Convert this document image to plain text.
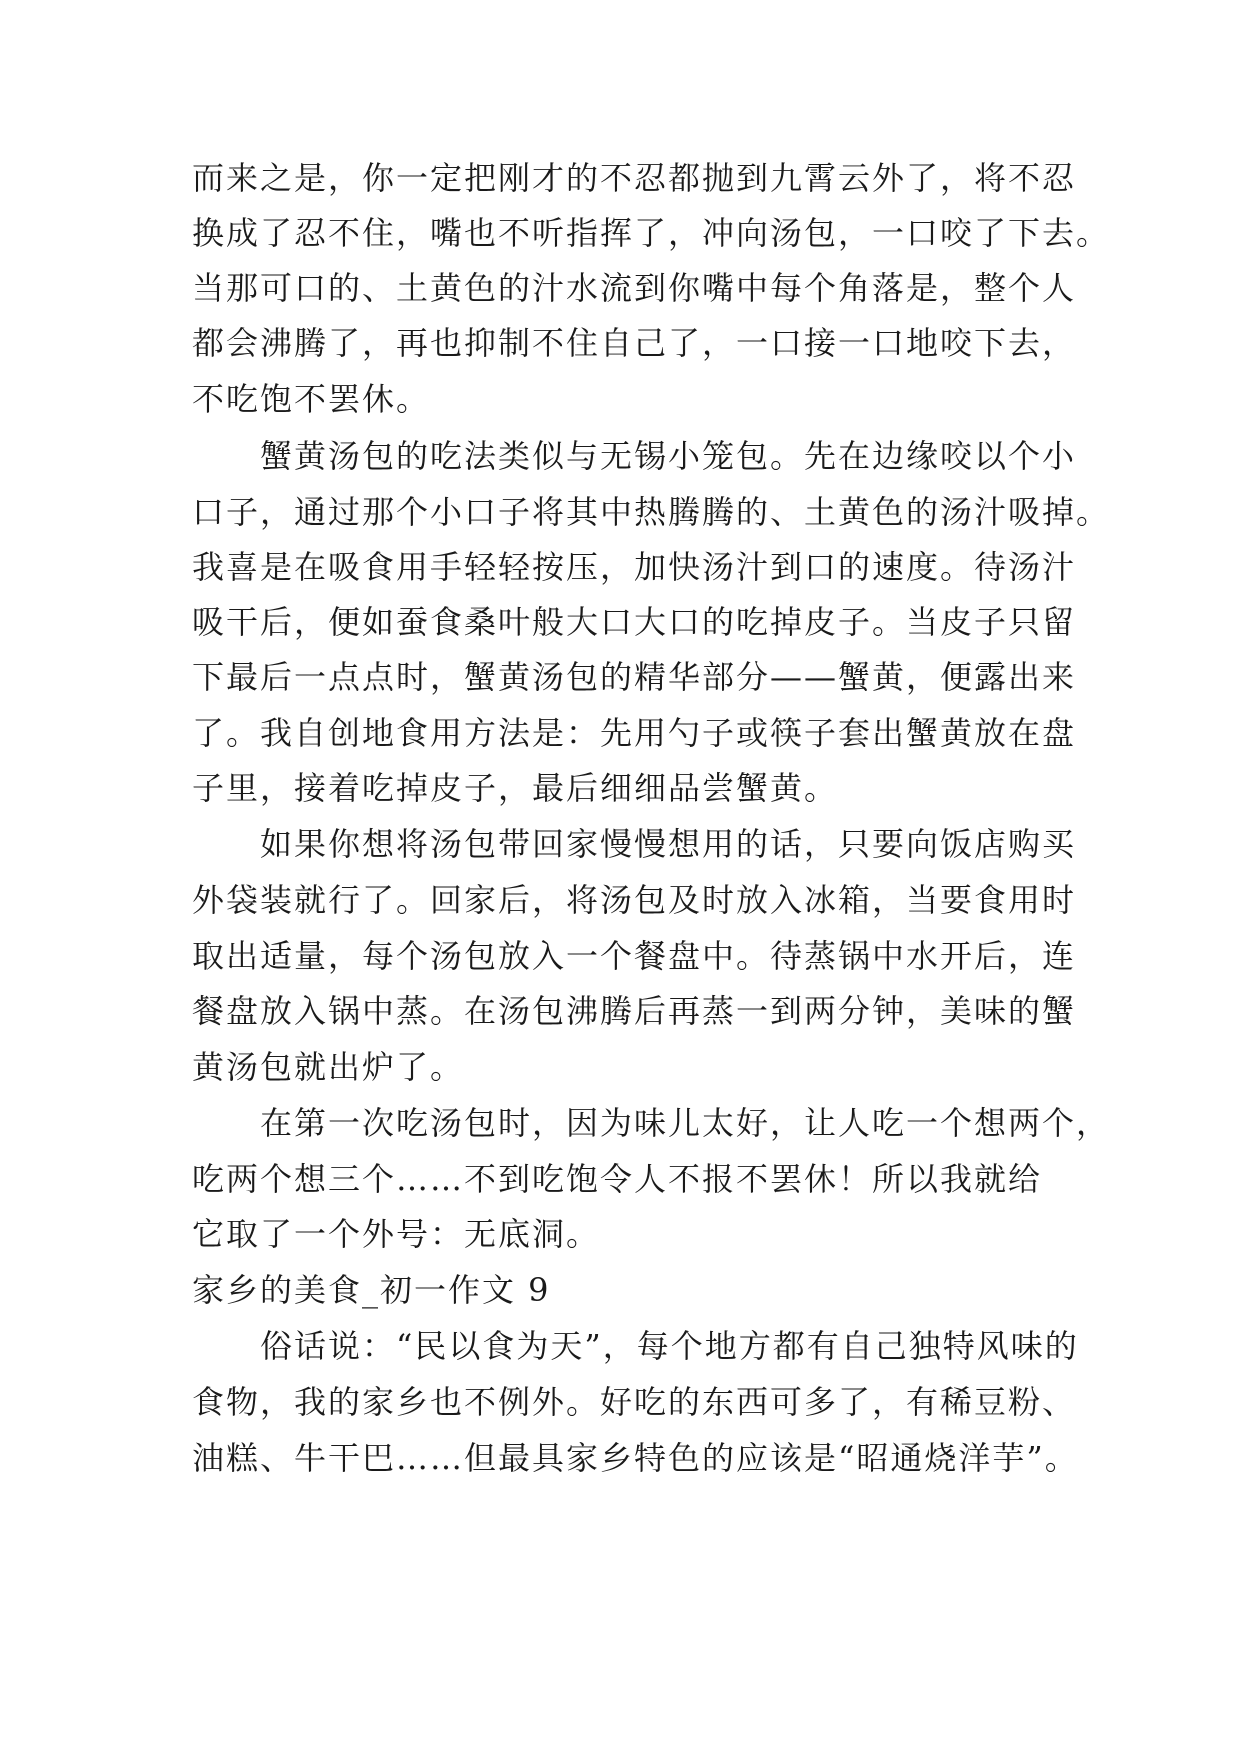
而来之是，你一定把刚才的不忍都抛到九霄云外了，将不忍
换成了忍不住，嘴也不听指挥了，冲向汤包，一口咬了下去。
当那可口的、土黄色的汁水流到你嘴中每个角落是，整个人
都会沸腾了，再也抑制不住自己了，一口接一口地咬下去，
不吃饱不罢休。
　　蟹黄汤包的吃法类似与无锡小笼包。先在边缘咬以个小
口子，通过那个小口子将其中热腾腾的、土黄色的汤汁吸掉。
我喜是在吸食用手轻轻按压，加快汤汁到口的速度。待汤汁
吸干后，便如蚕食桑叶般大口大口的吃掉皮子。当皮子只留
下最后一点点时，蟹黄汤包的精华部分——蟹黄，便露出来
了。我自创地食用方法是：先用勺子或筷子套出蟹黄放在盘
子里，接着吃掉皮子，最后细细品尝蟹黄。
　　如果你想将汤包带回家慢慢想用的话，只要向饭店购买
外袋装就行了。回家后，将汤包及时放入冰箱，当要食用时
取出适量，每个汤包放入一个餐盘中。待蒸锅中水开后，连
餐盘放入锅中蒸。在汤包沸腾后再蒸一到两分钟，美味的蟹
黄汤包就出炉了。
　　在第一次吃汤包时，因为味儿太好，让人吃一个想两个，
吃两个想三个……不到吃饱令人不报不罢休！所以我就给
它取了一个外号：无底洞。
家乡的美食_初一作文 9
　　俗话说：“民以食为天”，每个地方都有自己独特风味的
食物，我的家乡也不例外。好吃的东西可多了，有稀豆粉、
油糕、牛干巴……但最具家乡特色的应该是“昭通烧洋芋”。
